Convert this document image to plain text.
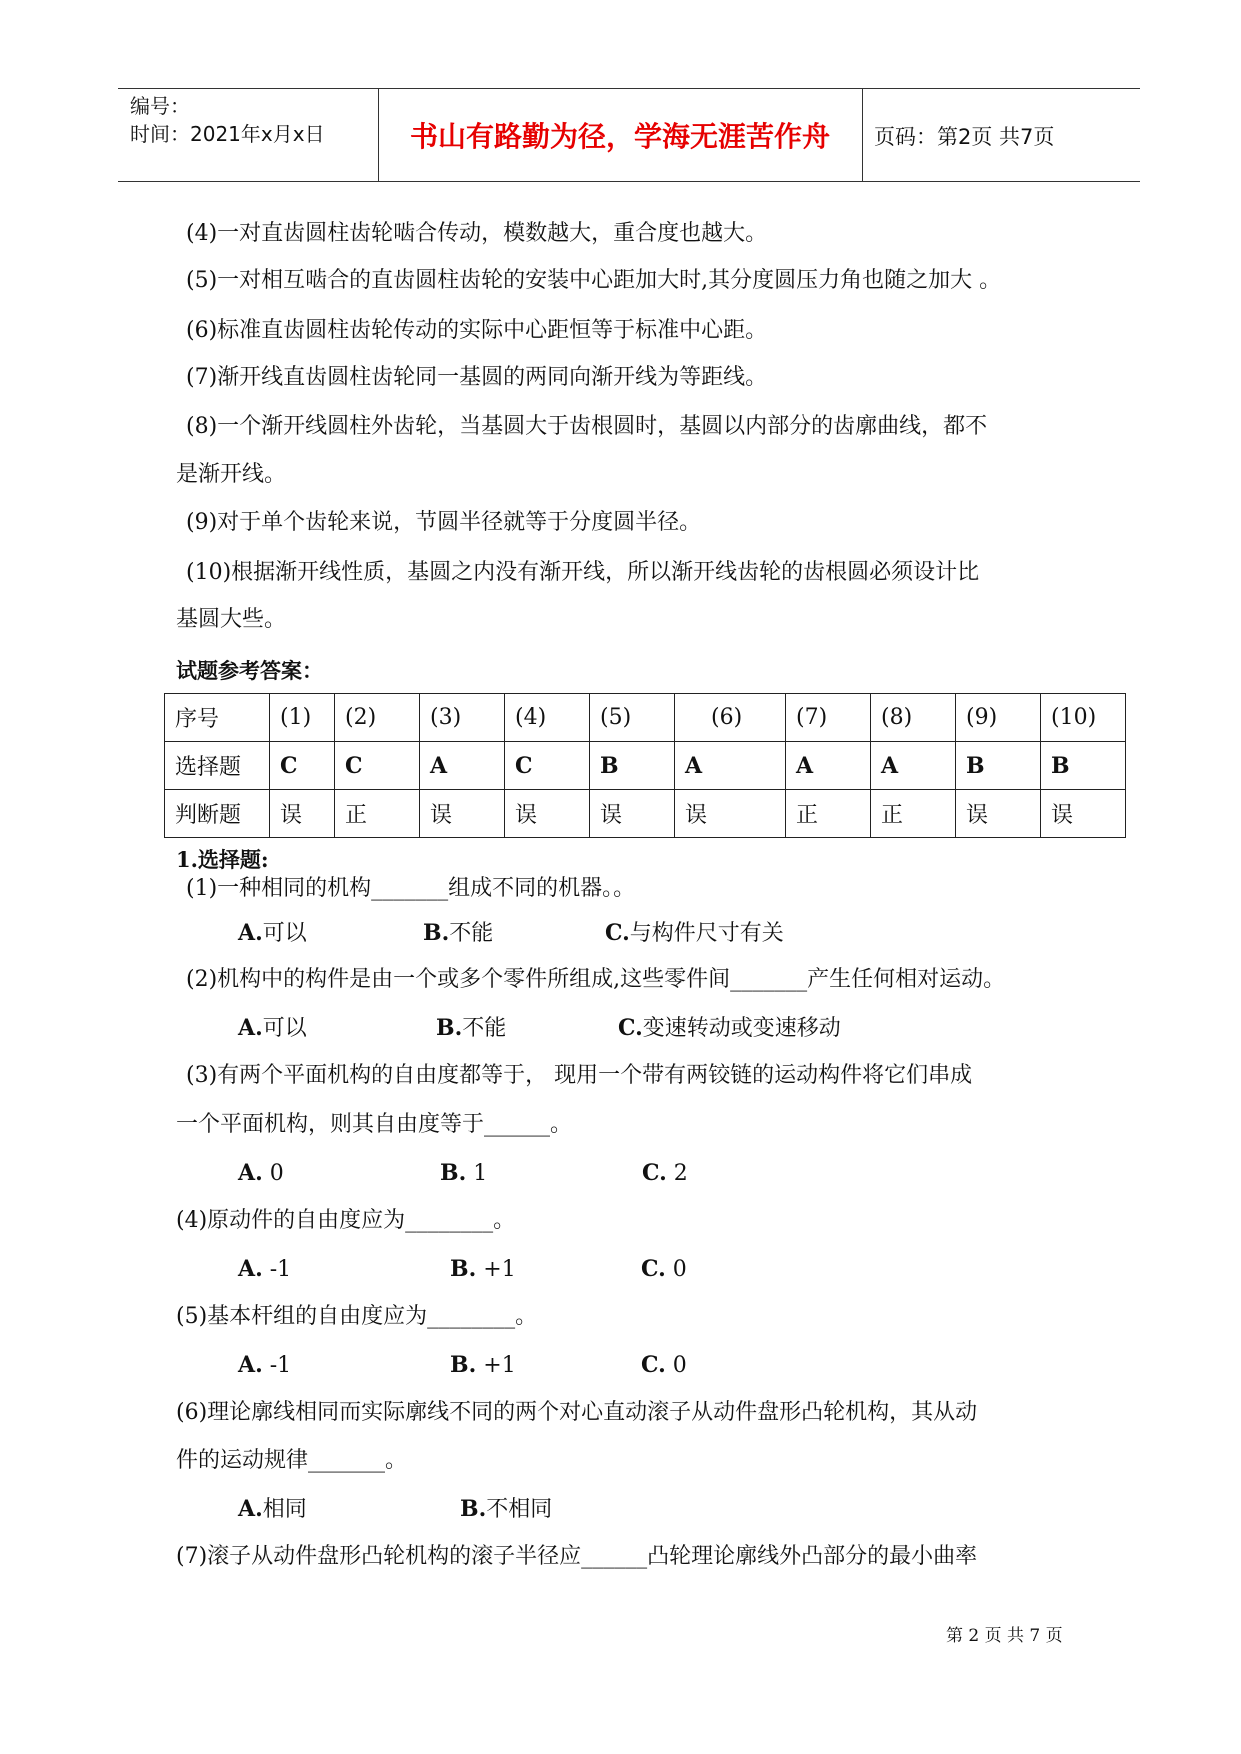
编号：
时间：2021年x月x日	书山有路勤为径，学海无涯苦作舟	页码：第2页 共7页
(4)一对直齿圆柱齿轮啮合传动，模数越大，重合度也越大。
(5)一对相互啮合的直齿圆柱齿轮的安装中心距加大时,其分度圆压力角也随之加大 。
(6)标准直齿圆柱齿轮传动的实际中心距恒等于标准中心距。
(7)渐开线直齿圆柱齿轮同一基圆的两同向渐开线为等距线。
(8)一个渐开线圆柱外齿轮，当基圆大于齿根圆时，基圆以内部分的齿廓曲线，都不
是渐开线。
(9)对于单个齿轮来说，节圆半径就等于分度圆半径。
(10)根据渐开线性质，基圆之内没有渐开线，所以渐开线齿轮的齿根圆必须设计比
基圆大些。
试题参考答案：
序号	(1)	(2)	(3)	(4)	(5)	(6)	(7)	(8)	(9)	(10)
选择题	C	C	A	C	B	A	A	A	B	B
判断题	误	正	误	误	误	误	正	正	误	误
1.选择题:
(1)一种相同的机构_______组成不同的机器。。
A.可以	B.不能	C.与构件尺寸有关
(2)机构中的构件是由一个或多个零件所组成,这些零件间_______产生任何相对运动。
A.可以	B.不能	C.变速转动或变速移动
(3)有两个平面机构的自由度都等于， 现用一个带有两铰链的运动构件将它们串成
一个平面机构，则其自由度等于______。
A. 0	B. 1	C. 2
(4)原动件的自由度应为________。
A. -1	B. +1	C. 0
(5)基本杆组的自由度应为________。
A. -1	B. +1	C. 0
(6)理论廓线相同而实际廓线不同的两个对心直动滚子从动件盘形凸轮机构，其从动
件的运动规律_______。
A.相同	B.不相同
(7)滚子从动件盘形凸轮机构的滚子半径应______凸轮理论廓线外凸部分的最小曲率
第 2 页 共 7 页
